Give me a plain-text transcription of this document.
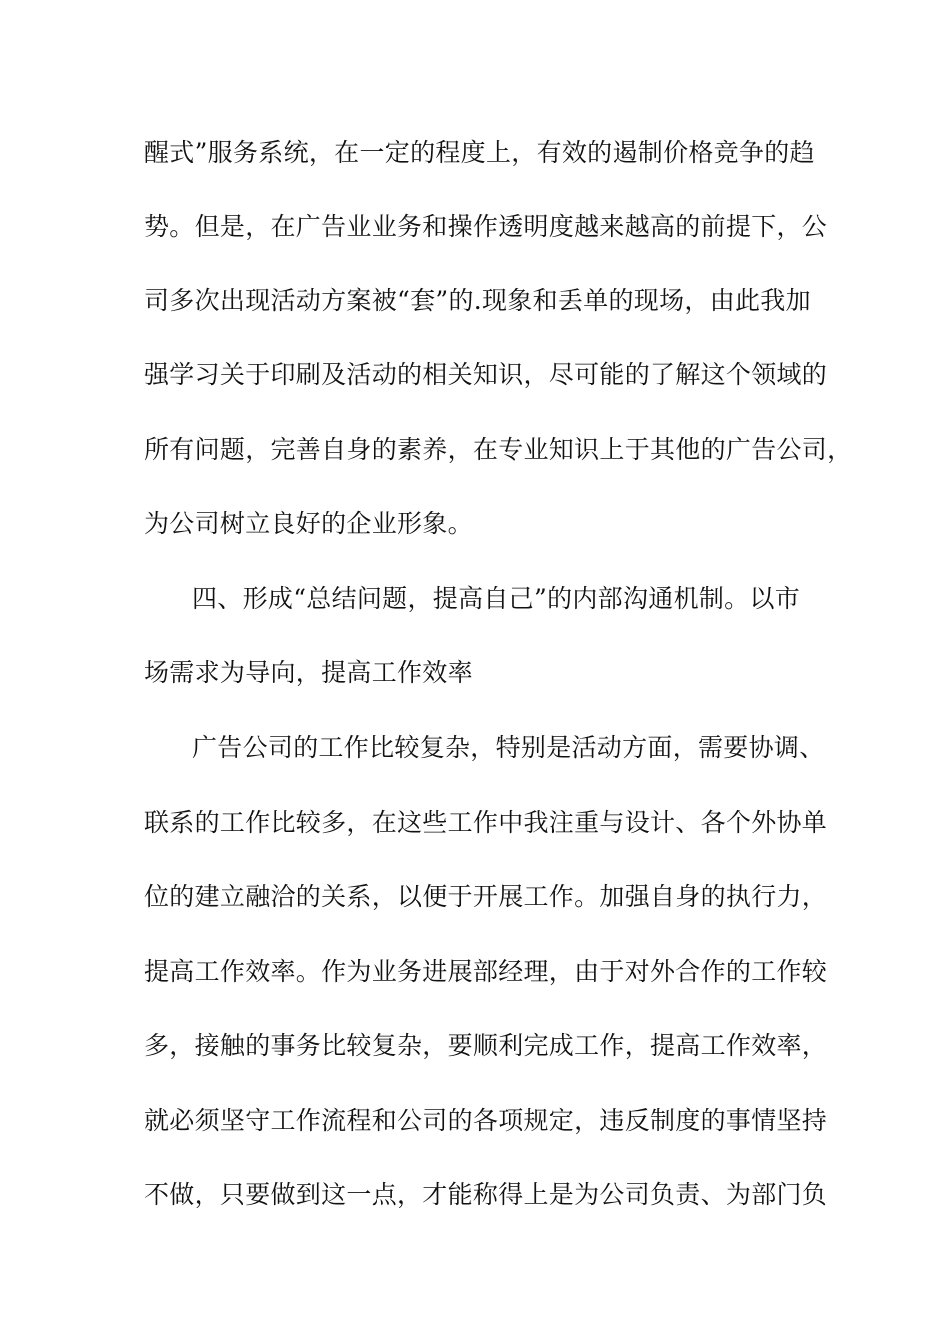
醒式”服务系统，在一定的程度上，有效的遏制价格竞争的趋
势。但是，在广告业业务和操作透明度越来越高的前提下，公
司多次出现活动方案被“套”的.现象和丢单的现场，由此我加
强学习关于印刷及活动的相关知识，尽可能的了解这个领域的
所有问题，完善自身的素养，在专业知识上于其他的广告公司，
为公司树立良好的企业形象。
四、形成“总结问题，提高自己”的内部沟通机制。以市
场需求为导向，提高工作效率
广告公司的工作比较复杂，特别是活动方面，需要协调、
联系的工作比较多，在这些工作中我注重与设计、各个外协单
位的建立融洽的关系，以便于开展工作。加强自身的执行力，
提高工作效率。作为业务进展部经理，由于对外合作的工作较
多，接触的事务比较复杂，要顺利完成工作，提高工作效率，
就必须坚守工作流程和公司的各项规定，违反制度的事情坚持
不做，只要做到这一点，才能称得上是为公司负责、为部门负
